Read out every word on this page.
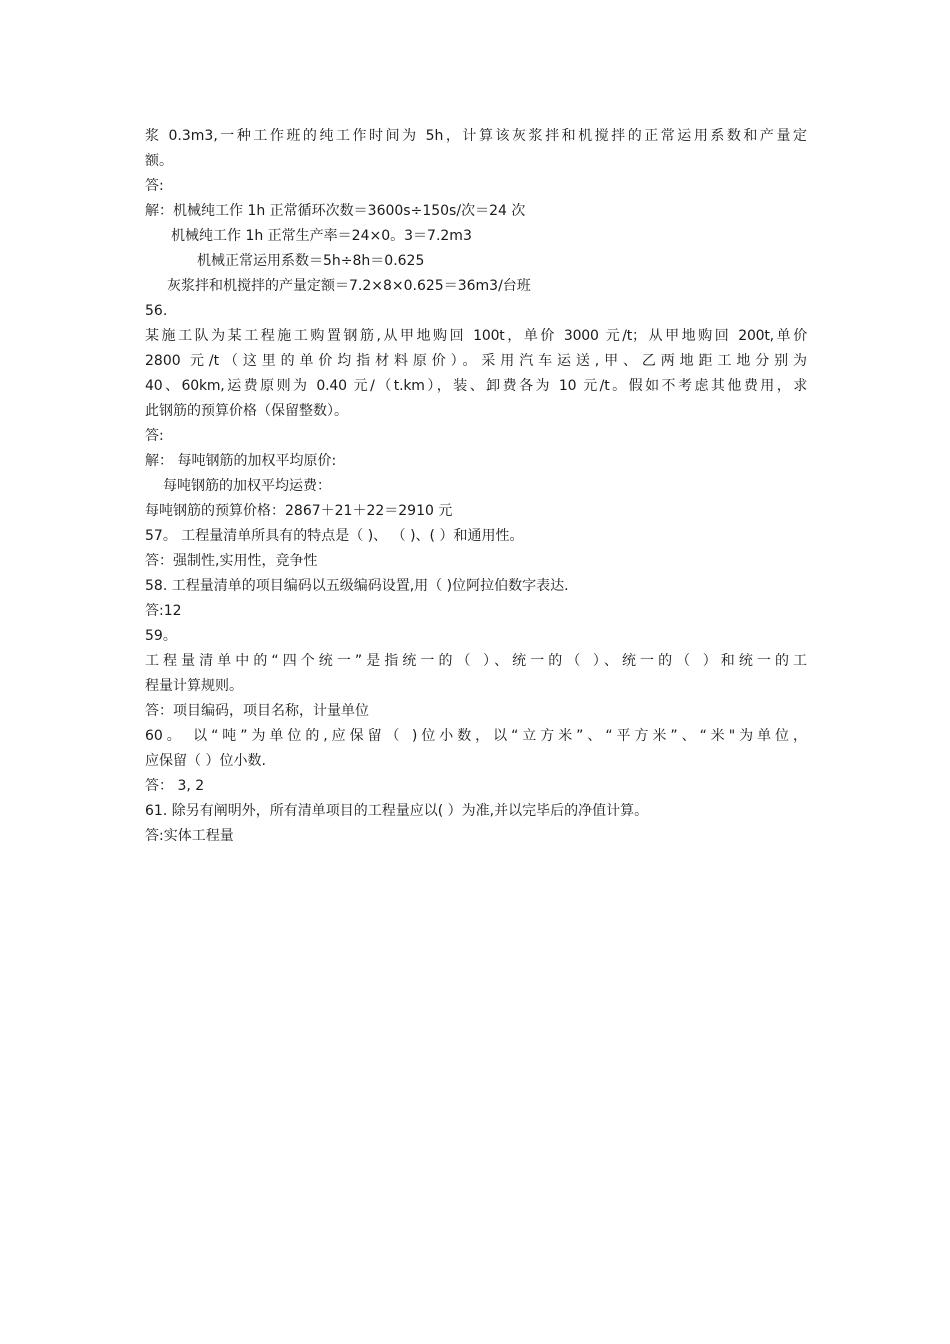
浆 0.3m3,一种工作班的纯工作时间为 5h，计算该灰浆拌和机搅拌的正常运用系数和产量定
额。
答:
解：机械纯工作 1h 正常循环次数＝3600s÷150s/次＝24 次
机械纯工作 1h 正常生产率＝24×0。3＝7.2m3
机械正常运用系数＝5h÷8h＝0.625
灰浆拌和机搅拌的产量定额＝7.2×8×0.625＝36m3/台班
56.
某施工队为某工程施工购置钢筋,从甲地购回 100t，单价 3000 元/t；从甲地购回 200t,单价
2800 元/t（这里的单价均指材料原价）。采用汽车运送,甲、乙两地距工地分别为
40、60km,运费原则为 0.40 元/（t.km），装、卸费各为 10 元/t。假如不考虑其他费用，求
此钢筋的预算价格（保留整数）。
答:
解： 每吨钢筋的加权平均原价:
每吨钢筋的加权平均运费：
每吨钢筋的预算价格：2867＋21＋22＝2910 元
57。 工程量清单所具有的特点是（ )、 （ )、( ）和通用性。
答：强制性,实用性，竞争性
58. 工程量清单的项目编码以五级编码设置,用（ )位阿拉伯数字表达.
答:12
59。
工程量清单中的“四个统一”是指统一的（ ）、统一的（ ）、统一的（ ）和统一的工
程量计算规则。
答：项目编码，项目名称，计量单位
60。 以“吨”为单位的,应保留（ )位小数，以“立方米”、“平方米”、“米"为单位，
应保留（ ）位小数.
答： 3, 2
61. 除另有阐明外，所有清单项目的工程量应以( ）为准,并以完毕后的净值计算。
答:实体工程量
